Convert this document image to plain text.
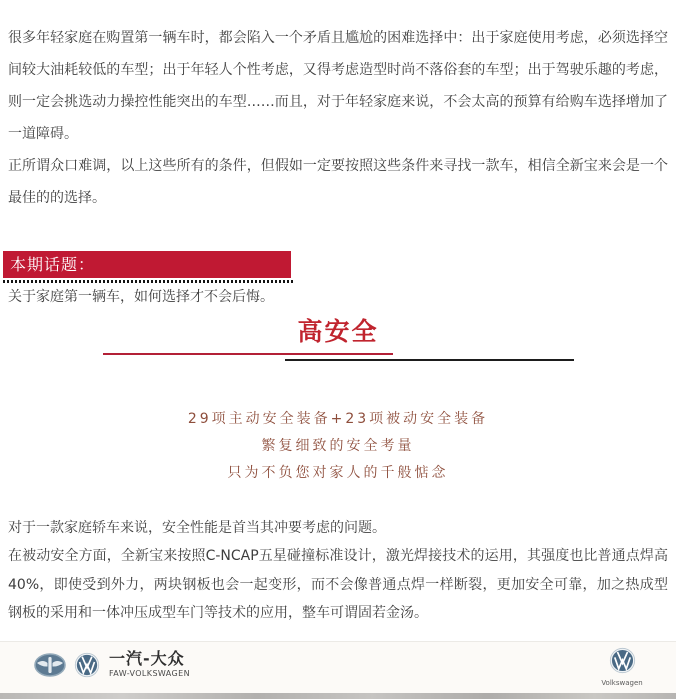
很多年轻家庭在购置第一辆车时，都会陷入一个矛盾且尴尬的困难选择中：出于家庭使用考虑，必须选择空间较大油耗较低的车型；出于年轻人个性考虑，又得考虑造型时尚不落俗套的车型；出于驾驶乐趣的考虑，则一定会挑选动力操控性能突出的车型……而且，对于年轻家庭来说，不会太高的预算有给购车选择增加了一道障碍。
正所谓众口难调，以上这些所有的条件，但假如一定要按照这些条件来寻找一款车，相信全新宝来会是一个最佳的的选择。
本期话题：
关于家庭第一辆车，如何选择才不会后悔。
高安全
29项主动安全装备+23项被动安全装备
繁复细致的安全考量
只为不负您对家人的千般惦念
对于一款家庭轿车来说，安全性能是首当其冲要考虑的问题。
在被动安全方面，全新宝来按照C-NCAP五星碰撞标准设计，激光焊接技术的运用，其强度也比普通点焊高40%，即使受到外力，两块钢板也会一起变形，而不会像普通点焊一样断裂，更加安全可靠，加之热成型钢板的采用和一体冲压成型车门等技术的应用，整车可谓固若金汤。
一汽-大众
FAW-VOLKSWAGEN
Volkswagen
